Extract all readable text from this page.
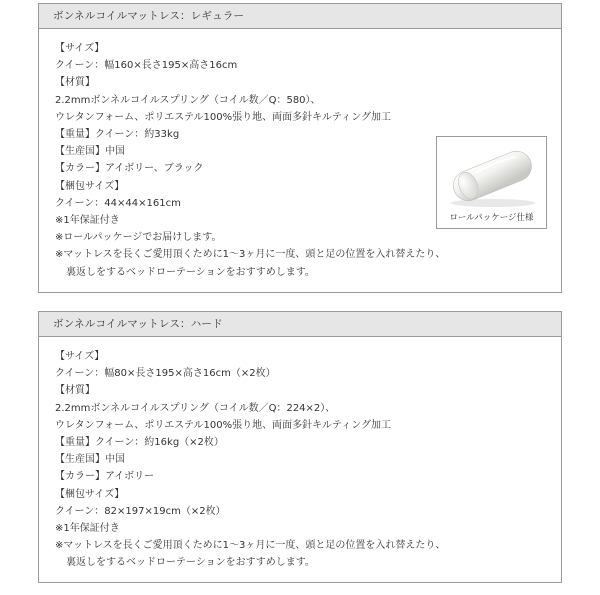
ボンネルコイルマットレス：レギュラー
【サイズ】
クイーン：幅160×長さ195×高さ16cm
【材質】
2.2mmボンネルコイルスプリング（コイル数／Q：580）、
ウレタンフォーム、ポリエステル100%張り地、両面多針キルティング加工
【重量】クイーン：約33kg
【生産国】中国
【カラー】アイボリー、ブラック
【梱包サイズ】
クイーン：44×44×161cm
※1年保証付き
※ロールパッケージでお届けします。
※マットレスを長くご愛用頂くために1〜3ヶ月に一度、頭と足の位置を入れ替えたり、
裏返しをするベッドローテーションをおすすめします。
ロールパッケージ仕様
ボンネルコイルマットレス：ハード
【サイズ】
クイーン：幅80×長さ195×高さ16cm（×2枚）
【材質】
2.2mmボンネルコイルスプリング（コイル数／Q：224×2）、
ウレタンフォーム、ポリエステル100%張り地、両面多針キルティング加工
【重量】クイーン：約16kg（×2枚）
【生産国】中国
【カラー】アイボリー
【梱包サイズ】
クイーン：82×197×19cm（×2枚）
※1年保証付き
※マットレスを長くご愛用頂くために1〜3ヶ月に一度、頭と足の位置を入れ替えたり、
裏返しをするベッドローテーションをおすすめします。
